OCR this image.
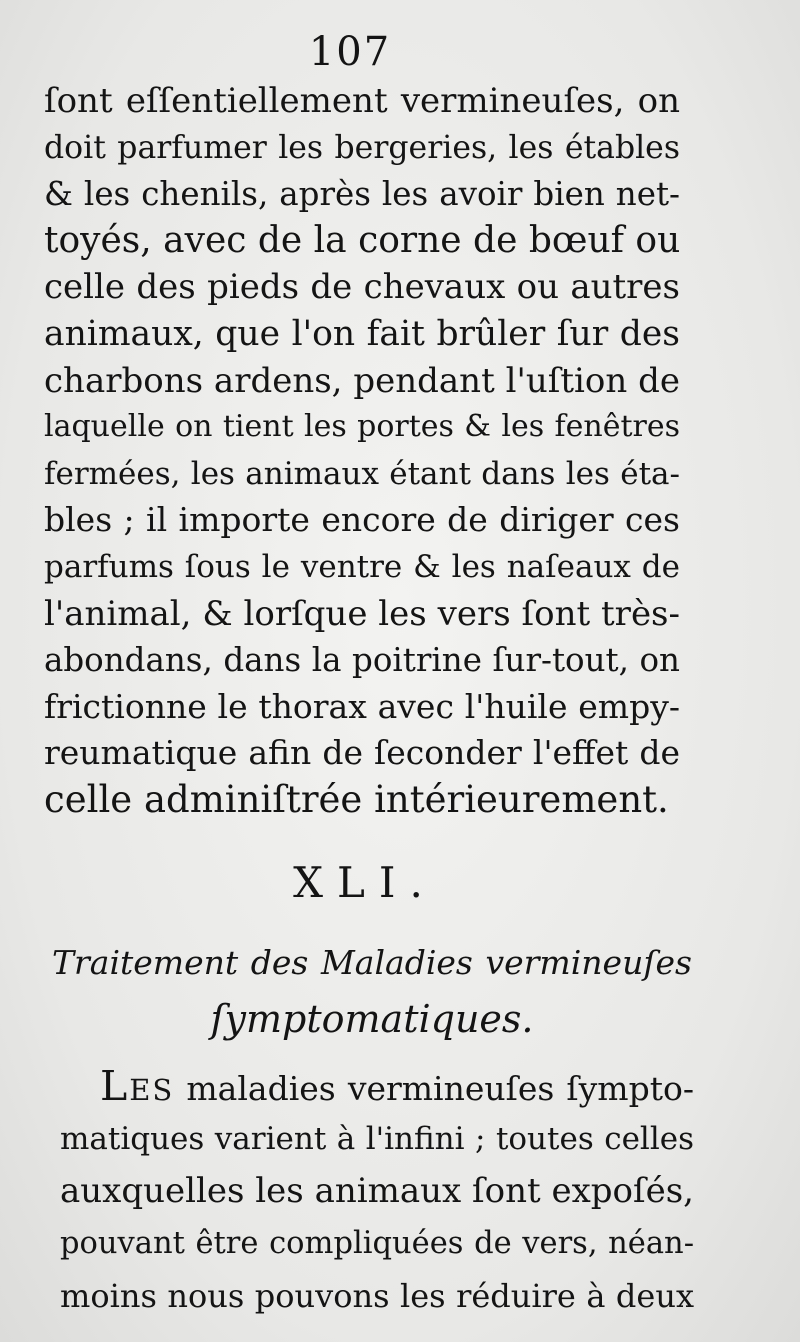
107
ſont eſſentiellement vermineuſes, on
doit parfumer les bergeries, les étables
& les chenils, après les avoir bien net-
toyés, avec de la corne de bœuf ou
celle des pieds de chevaux ou autres
animaux, que l'on fait brûler ſur des
charbons ardens, pendant l'uſtion de
laquelle on tient les portes & les fenêtres
fermées, les animaux étant dans les éta-
bles ; il importe encore de diriger ces
parfums ſous le ventre & les naſeaux de
l'animal, & lorſque les vers ſont très-
abondans, dans la poitrine ſur-tout, on
frictionne le thorax avec l'huile empy-
reumatique afin de ſeconder l'effet de
celle adminiſtrée intérieurement.
XLI.
Traitement des Maladies vermineuſes
ſymptomatiques.
Les maladies vermineuſes ſympto-
matiques varient à l'infini ; toutes celles
auxquelles les animaux ſont expoſés,
pouvant être compliquées de vers, néan-
moins nous pouvons les réduire à deux
